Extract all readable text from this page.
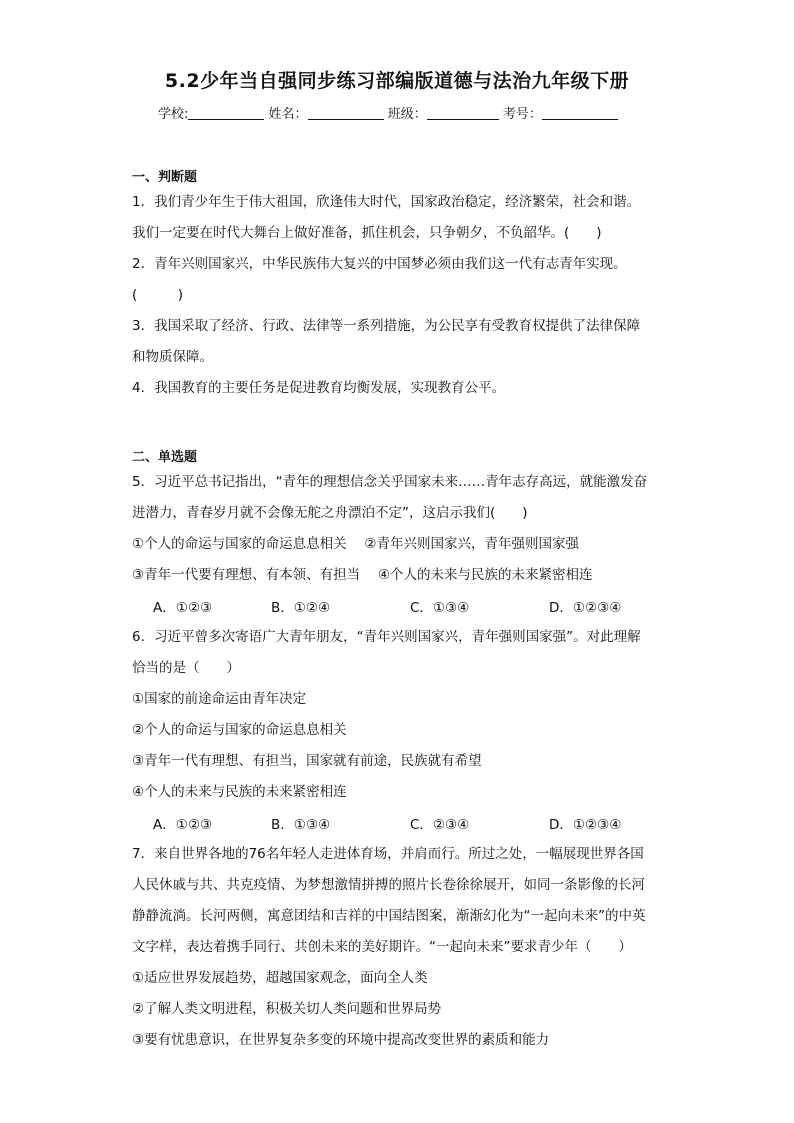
5.2少年当自强同步练习部编版道德与法治九年级下册
学校:	姓名：	班级：	考号：
一、判断题
1．我们青少年生于伟大祖国，欣逢伟大时代，国家政治稳定，经济繁荣，社会和谐。
我们一定要在时代大舞台上做好准备，抓住机会，只争朝夕，不负韶华。(　　)
2．青年兴则国家兴，中华民族伟大复兴的中国梦必须由我们这一代有志青年实现。
(　　　)
3．我国采取了经济、行政、法律等一系列措施，为公民享有受教育权提供了法律保障
和物质保障。
4．我国教育的主要任务是促进教育均衡发展，实现教育公平。
二、单选题
5．习近平总书记指出，“青年的理想信念关乎国家未来……青年志存高远，就能激发奋
进潜力，青春岁月就不会像无舵之舟漂泊不定”，这启示我们(　　)
①个人的命运与国家的命运息息相关　 ②青年兴则国家兴，青年强则国家强
③青年一代要有理想、有本领、有担当　 ④个人的未来与民族的未来紧密相连
A．①②③	B．①②④	C．①③④	D．①②③④
6．习近平曾多次寄语广大青年朋友，“青年兴则国家兴，青年强则国家强”。对此理解
恰当的是（　　）
①国家的前途命运由青年决定
②个人的命运与国家的命运息息相关
③青年一代有理想、有担当，国家就有前途，民族就有希望
④个人的未来与民族的未来紧密相连
A．①②③	B．①③④	C．②③④	D．①②③④
7．来自世界各地的76名年轻人走进体育场，并肩而行。所过之处，一幅展现世界各国
人民休戚与共、共克疫情、为梦想激情拼搏的照片长卷徐徐展开，如同一条影像的长河
静静流淌。长河两侧，寓意团结和吉祥的中国结图案，渐渐幻化为“一起向未来”的中英
文字样，表达着携手同行、共创未来的美好期许。“一起向未来”要求青少年（　　）
①适应世界发展趋势，超越国家观念，面向全人类
②了解人类文明进程，积极关切人类问题和世界局势
③要有忧患意识，在世界复杂多变的环境中提高改变世界的素质和能力
